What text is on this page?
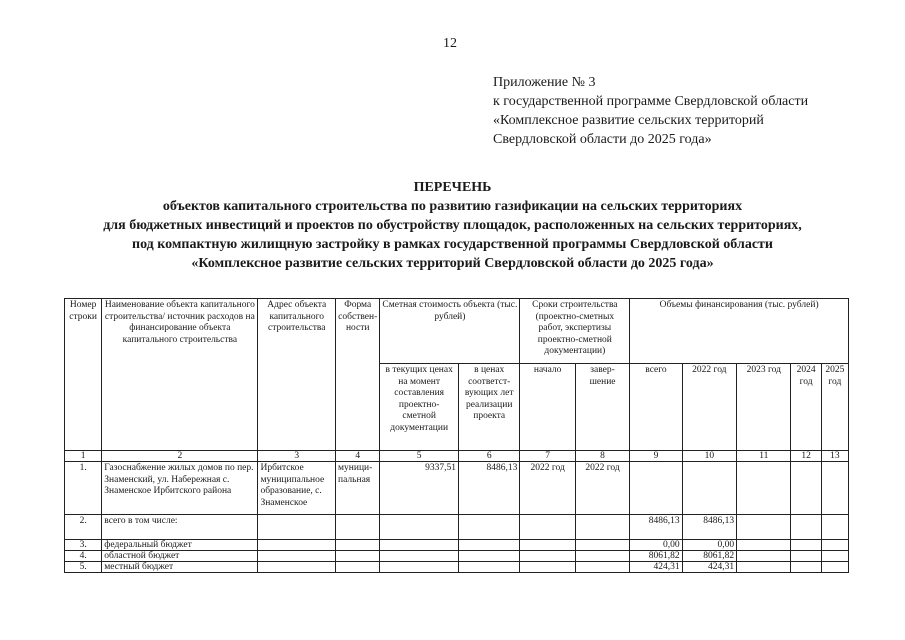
12
Приложение № 3
к государственной программе Свердловской области
«Комплексное развитие сельских территорий
Свердловской области до 2025 года»
ПЕРЕЧЕНЬ
объектов капитального строительства по развитию газификации на сельских территориях
для бюджетных инвестиций и проектов по обустройству площадок, расположенных на сельских территориях,
под компактную жилищную застройку в рамках государственной программы Свердловской области
«Комплексное развитие сельских территорий Свердловской области до 2025 года»
Номер строки	Наименование объекта капитального строительства/ источник расходов на финансирование объекта капитального строительства	Адрес объекта капитального строительства	Форма собствен-ности	Сметная стоимость объекта (тыс. рублей)		Сроки строительства (проектно-сметных работ, экспертизы проектно-сметной документации)		Объемы финансирования (тыс. рублей)				
				в текущих ценах на момент составления проектно-сметной документации	в ценах соответст-вующих лет реализации проекта	начало	завер-шение	всего	2022 год	2023 год	2024 год	2025 год
1	2	3	4	5	6	7	8	9	10	11	12	13
1.	Газоснабжение жилых домов по пер. Знаменский, ул. Набережная с. Знаменское Ирбитского района	Ирбитское муниципальное образование, с. Знаменское	муници-пальная	9337,51	8486,13	2022 год	2022 год					
2.	всего в том числе:							8486,13	8486,13			
3.	федеральный бюджет							0,00	0,00			
4.	областной бюджет							8061,82	8061,82			
5.	местный бюджет							424,31	424,31			
